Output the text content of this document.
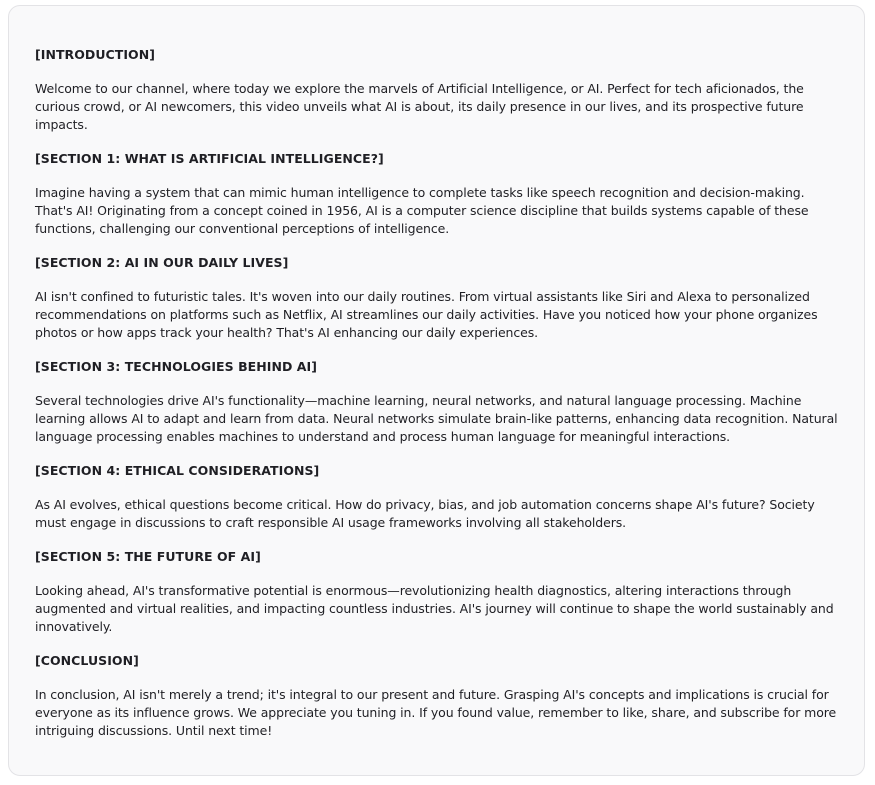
[INTRODUCTION]
Welcome to our channel, where today we explore the marvels of Artificial Intelligence, or AI. Perfect for tech aficionados, the curious crowd, or AI newcomers, this video unveils what AI is about, its daily presence in our lives, and its prospective future impacts.
[SECTION 1: WHAT IS ARTIFICIAL INTELLIGENCE?]
Imagine having a system that can mimic human intelligence to complete tasks like speech recognition and decision-making. That's AI! Originating from a concept coined in 1956, AI is a computer science discipline that builds systems capable of these functions, challenging our conventional perceptions of intelligence.
[SECTION 2: AI IN OUR DAILY LIVES]
AI isn't confined to futuristic tales. It's woven into our daily routines. From virtual assistants like Siri and Alexa to personalized recommendations on platforms such as Netflix, AI streamlines our daily activities. Have you noticed how your phone organizes photos or how apps track your health? That's AI enhancing our daily experiences.
[SECTION 3: TECHNOLOGIES BEHIND AI]
Several technologies drive AI's functionality—machine learning, neural networks, and natural language processing. Machine learning allows AI to adapt and learn from data. Neural networks simulate brain-like patterns, enhancing data recognition. Natural language processing enables machines to understand and process human language for meaningful interactions.
[SECTION 4: ETHICAL CONSIDERATIONS]
As AI evolves, ethical questions become critical. How do privacy, bias, and job automation concerns shape AI's future? Society must engage in discussions to craft responsible AI usage frameworks involving all stakeholders.
[SECTION 5: THE FUTURE OF AI]
Looking ahead, AI's transformative potential is enormous—revolutionizing health diagnostics, altering interactions through augmented and virtual realities, and impacting countless industries. AI's journey will continue to shape the world sustainably and innovatively.
[CONCLUSION]
In conclusion, AI isn't merely a trend; it's integral to our present and future. Grasping AI's concepts and implications is crucial for everyone as its influence grows. We appreciate you tuning in. If you found value, remember to like, share, and subscribe for more intriguing discussions. Until next time!
